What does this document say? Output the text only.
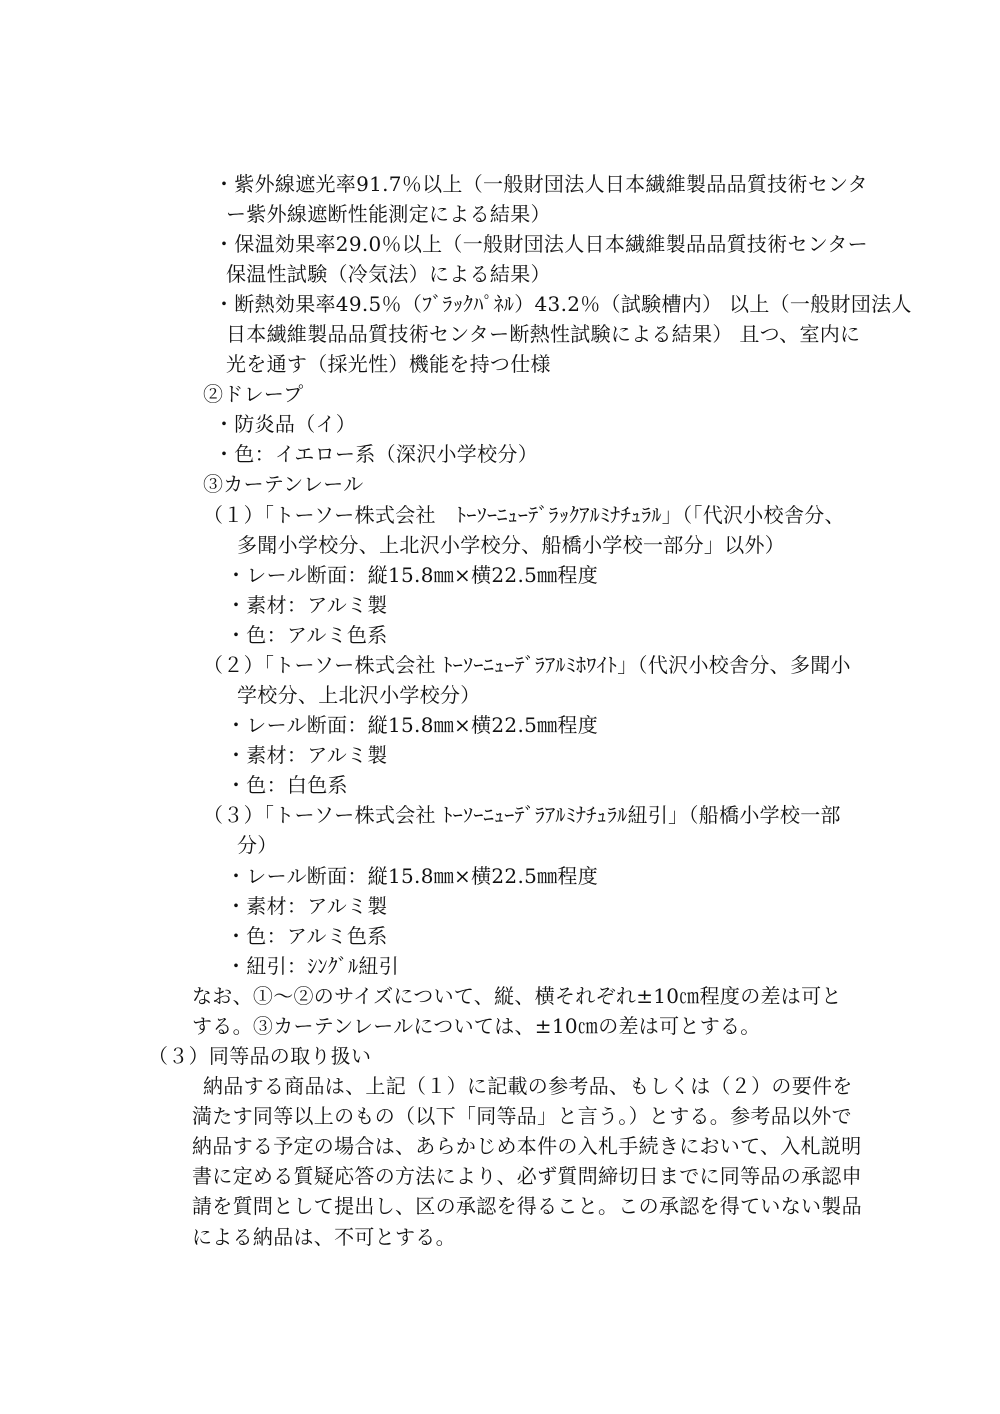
・紫外線遮光率91.7％以上（一般財団法人日本繊維製品品質技術センタ
ー紫外線遮断性能測定による結果）
・保温効果率29.0％以上（一般財団法人日本繊維製品品質技術センター
保温性試験（冷気法）による結果）
・断熱効果率49.5％（ﾌﾞﾗｯｸﾊﾟﾈﾙ）43.2％（試験槽内） 以上（一般財団法人
日本繊維製品品質技術センター断熱性試験による結果） 且つ、室内に
光を通す（採光性）機能を持つ仕様
②ドレープ
・防炎品（イ）
・色：イエロー系（深沢小学校分）
③カーテンレール
（１）「トーソー株式会社　ﾄｰｿｰﾆｭｰﾃﾞﾗｯｸｱﾙﾐﾅﾁｭﾗﾙ」（「代沢小校舎分、
多聞小学校分、上北沢小学校分、船橋小学校一部分」以外）
・レール断面：縦15.8㎜×横22.5㎜程度
・素材：アルミ製
・色：アルミ色系
（２）「トーソー株式会社 ﾄｰｿｰﾆｭｰﾃﾞﾗｱﾙﾐﾎﾜｲﾄ」（代沢小校舎分、多聞小
学校分、上北沢小学校分）
・レール断面：縦15.8㎜×横22.5㎜程度
・素材：アルミ製
・色：白色系
（３）「トーソー株式会社 ﾄｰｿｰﾆｭｰﾃﾞﾗｱﾙﾐﾅﾁｭﾗﾙ紐引」（船橋小学校一部
分）
・レール断面：縦15.8㎜×横22.5㎜程度
・素材：アルミ製
・色：アルミ色系
・紐引：ｼﾝｸﾞﾙ紐引
なお、①～②のサイズについて、縦、横それぞれ±10㎝程度の差は可と
する。③カーテンレールについては、±10㎝の差は可とする。
（３）同等品の取り扱い
納品する商品は、上記（１）に記載の参考品、もしくは（２）の要件を
満たす同等以上のもの（以下「同等品」と言う。）とする。参考品以外で
納品する予定の場合は、あらかじめ本件の入札手続きにおいて、入札説明
書に定める質疑応答の方法により、必ず質問締切日までに同等品の承認申
請を質問として提出し、区の承認を得ること。この承認を得ていない製品
による納品は、不可とする。
